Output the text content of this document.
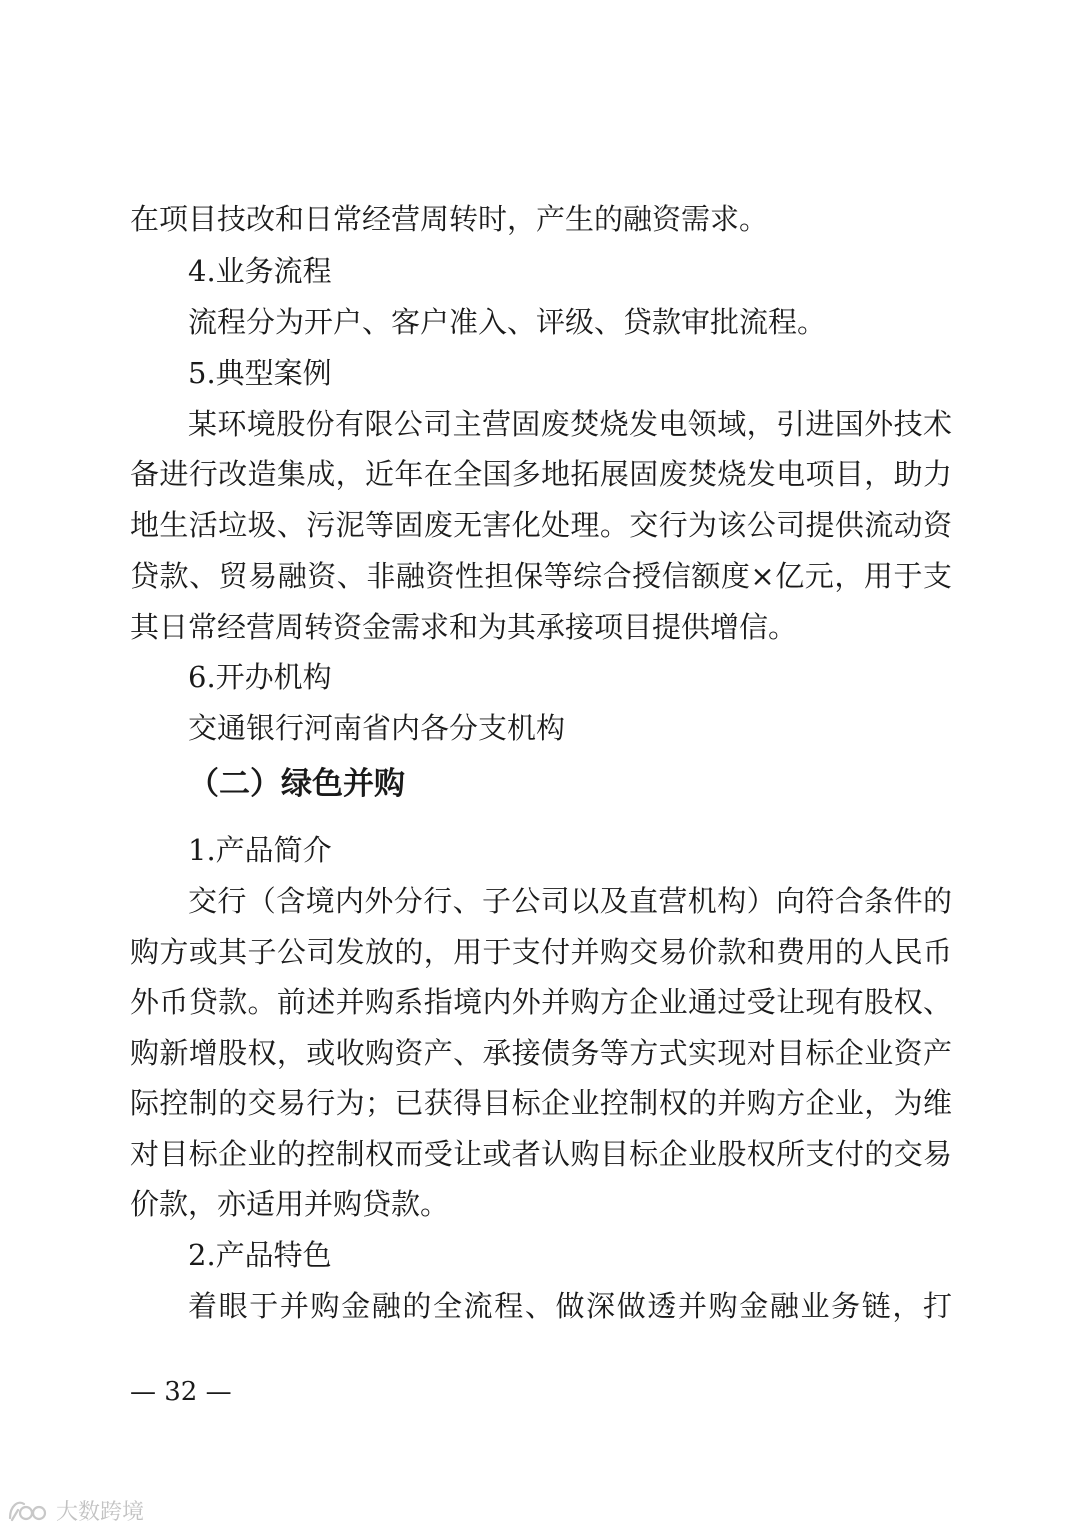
在项目技改和日常经营周转时，产生的融资需求。
4.业务流程
流程分为开户、客户准入、评级、贷款审批流程。
5.典型案例
某环境股份有限公司主营固废焚烧发电领域，引进国外技术
备进行改造集成，近年在全国多地拓展固废焚烧发电项目，助力
地生活垃圾、污泥等固废无害化处理。交行为该公司提供流动资
贷款、贸易融资、非融资性担保等综合授信额度×亿元，用于支
其日常经营周转资金需求和为其承接项目提供增信。
6.开办机构
交通银行河南省内各分支机构
（二）绿色并购
1.产品简介
交行（含境内外分行、子公司以及直营机构）向符合条件的
购方或其子公司发放的，用于支付并购交易价款和费用的人民币
外币贷款。前述并购系指境内外并购方企业通过受让现有股权、
购新增股权，或收购资产、承接债务等方式实现对目标企业资产
际控制的交易行为；已获得目标企业控制权的并购方企业，为维
对目标企业的控制权而受让或者认购目标企业股权所支付的交易
价款，亦适用并购贷款。
2.产品特色
着眼于并购金融的全流程、做深做透并购金融业务链，打
— 32 —
大数跨境
